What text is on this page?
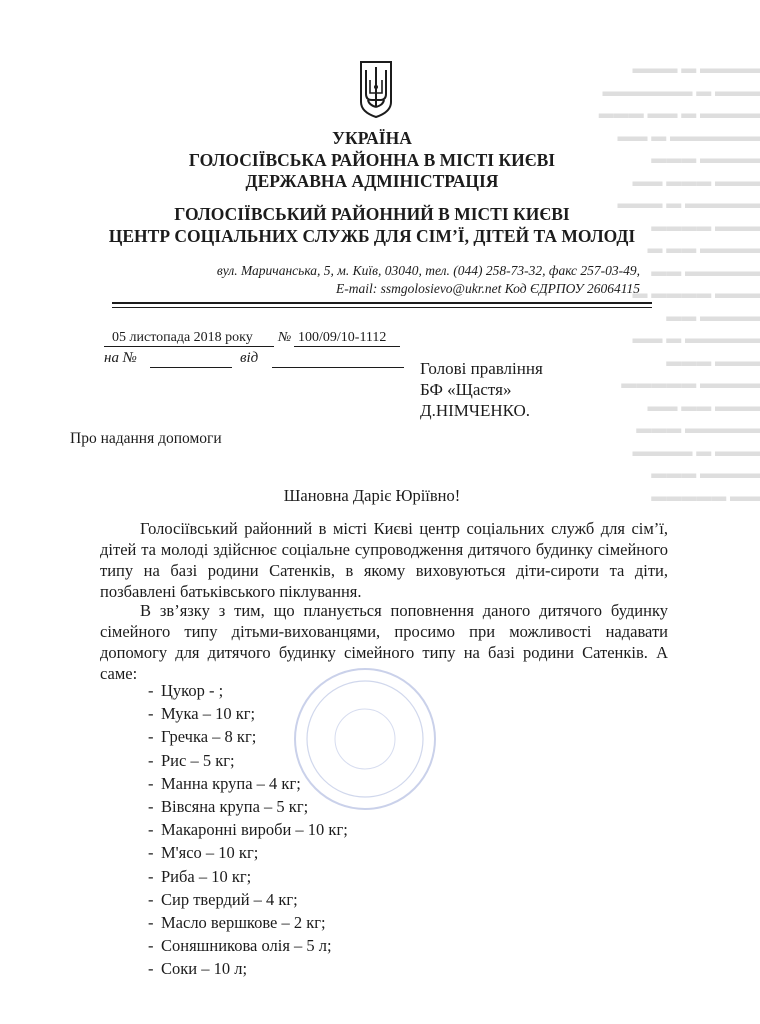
▬▬▬▬ ▬ ▬▬▬
▬▬▬ ▬ ▬▬▬▬▬▬
▬▬▬▬ ▬ ▬▬ ▬▬▬
▬▬▬▬▬▬ ▬ ▬▬
▬▬▬▬ ▬▬▬
▬▬▬ ▬▬▬ ▬▬
▬▬▬▬▬ ▬ ▬▬▬
▬▬▬ ▬▬▬▬
▬▬▬▬ ▬▬ ▬
▬▬▬▬▬ ▬▬
▬▬▬ ▬▬▬▬ ▬
▬▬▬▬ ▬▬
▬▬▬▬▬ ▬ ▬▬
▬▬▬ ▬▬▬
▬▬▬▬ ▬▬▬▬▬
▬▬▬ ▬▬ ▬▬
▬▬▬▬▬ ▬▬▬
▬▬▬ ▬ ▬▬▬▬
▬▬▬▬ ▬▬▬
▬▬ ▬▬▬▬▬
УКРАЇНА
ГОЛОСІЇВСЬКА РАЙОННА В МІСТІ КИЄВІ
ДЕРЖАВНА АДМІНІСТРАЦІЯ
ГОЛОСІЇВСЬКИЙ РАЙОННИЙ В МІСТІ КИЄВІ
ЦЕНТР СОЦІАЛЬНИХ СЛУЖБ ДЛЯ СІМ’Ї, ДІТЕЙ ТА МОЛОДІ
вул. Маричанська, 5, м. Київ, 03040, тел. (044) 258-73-32, факс 257-03-49,
E-mail: ssmgolosievo@ukr.net Код ЄДРПОУ 26064115
05 листопада 2018 року № 100/09/10-1112
на №	від
Голові правління
БФ «Щастя»
Д.НІМЧЕНКО.
Про надання допомоги
Шановна Даріє Юріївно!
Голосіївський районний в місті Києві центр соціальних служб для сім’ї, дітей та молоді здійснює соціальне супроводження дитячого будинку сімейного типу на базі родини Сатенків, в якому виховуються діти-сироти та діти, позбавлені батьківського піклування.
В зв’язку з тим, що планується поповнення даного дитячого будинку сімейного типу дітьми-вихованцями, просимо при можливості надавати допомогу для дитячого будинку сімейного типу на базі родини Сатенків. А саме:
- Цукор - ;
- Мука – 10 кг;
- Гречка – 8 кг;
- Рис – 5 кг;
- Манна крупа – 4 кг;
- Вівсяна крупа – 5 кг;
- Макаронні вироби – 10 кг;
- М'ясо – 10 кг;
- Риба – 10 кг;
- Сир твердий – 4 кг;
- Масло вершкове – 2 кг;
- Соняшникова олія – 5 л;
- Соки – 10 л;
